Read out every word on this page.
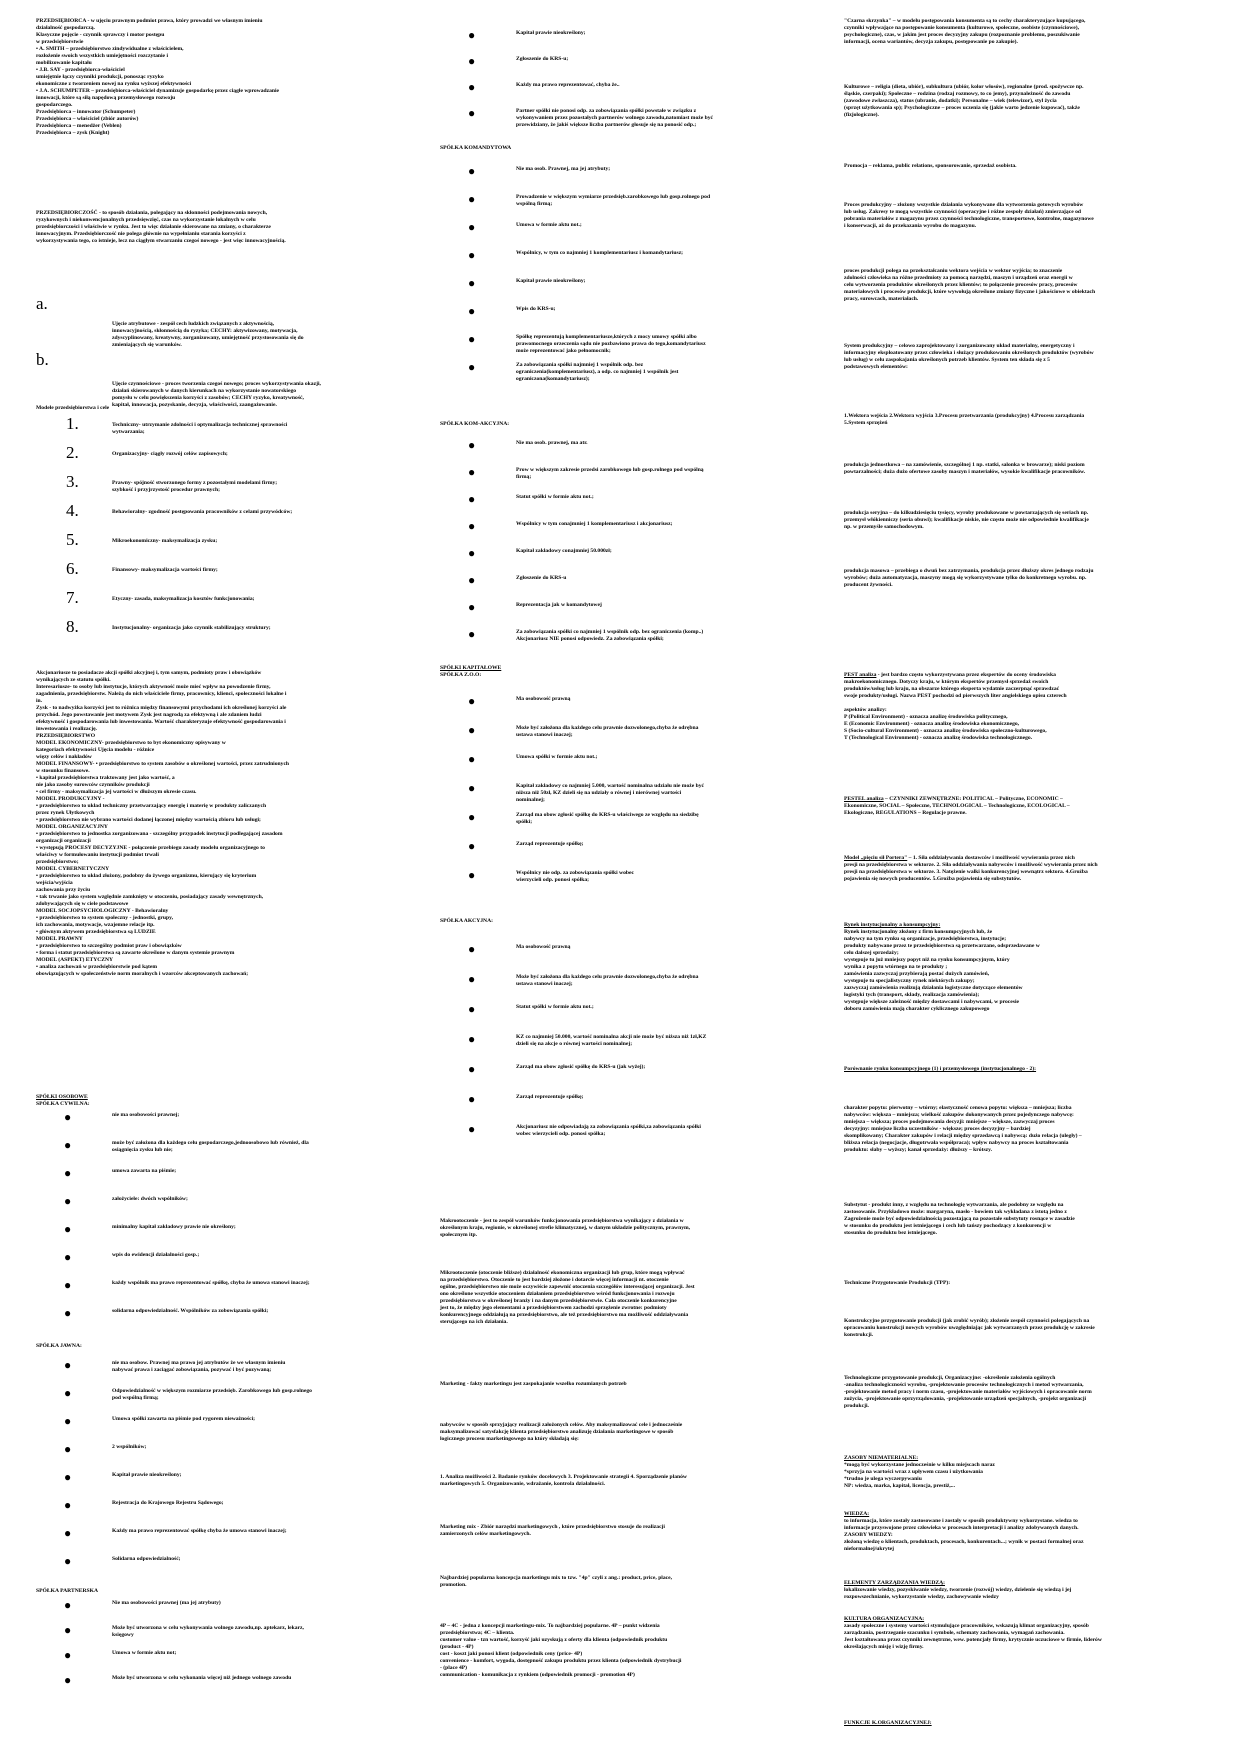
PRZEDSIĘBIORCA - w ujęciu prawnym podmiot prawa, który prowadzi we własnym imieniu
działalność gospodarczą.
Klasyczne pojęcie - czynnik sprawczy i motor postępu
w przedsiębiorstwie
• A. SMITH – przedsiębiorstwo zindywidualne z właścicielem,
rozłożenie swoich wszystkich umiejętności rozczytanie i
mobilizowanie kapitału
• J.B. SAY - przedsiębiorca-właściciel
umiejętnie łączy czynniki produkcji, ponosząc ryzyko
ekonomiczne z tworzeniem nowej na rynku wyższej efektywności
• J.A. SCHUMPETER – przedsiębiorca-właściciel dynamizuje gospodarkę przez ciągłe wprowadzanie
innowacji, które są siłą napędową przemysłowego rozwoju
gospodarczego.
Przedsiębiorca – innowator (Schumpeter)
Przedsiębiorca – właściciel (zbiór autorów)
Przedsiębiorca – menedżer (Veblen)
Przedsiębiorca – zysk (Knight)
PRZEDSIĘBIORCZOŚĆ - to sposób działania, polegający na skłonności podejmowania nowych,
ryzykownych i niekonwencjonalnych przedsięwzięć, czas na wykorzystanie lokalnych w celu
przedsiębiorczości i właściwie w rynku. Jest to więc działanie skierowane na zmiany, o charakterze
innowacyjnym. Przedsiębiorczość nie polega głównie na wypełnianiu starania korzyści z
wykorzystywania tego, co istnieje, lecz na ciągłym stwarzaniu czegoś nowego - jest więc innowacyjnością.

a.

Ujęcie atrybutowe - zespół cech ludzkich związanych z aktywnością,
innowacyjnością, skłonnością do ryzyka; CECHY: aktywizowany, motywacja,
zdyscyplinowany, kreatywny, zorganizowany, umiejętność przystosowania się do
zmieniających się warunków.

b.

Ujęcie czynnościowe - proces tworzenia czegoś nowego; proces wykorzystywania okazji,
działań skierowanych w danych kierunkach na wykorzystanie nowatorskiego
pomysłu w celu powiększenia korzyści z zasobów; CECHY ryzyko, kreatywność,
kapitał, innowacja, pozyskanie, decyzja, właściwości, zaangażowanie.

Modele przedsiębiorstwa i cele
1.	Techniczny- utrzymanie zdolności i optymalizacja technicznej sprawności
wytwarzania;
2.	Organizacyjny- ciągły rozwój celów zapisowych;
3.	Prawny- spójność stworzonego formy z pozostałymi modelami firmy;
szybkość i przyjrzystość procedur prawnych;
4.	Behawioralny- zgodność postępowania pracowników z celami przywódców;
5.	Mikroekonomiczny- maksymalizacja zysku;
6.	Finansowy- maksymalizacja wartości firmy;
7.	Etyczny- zasada, maksymalizacja kosztów funkcjonowania;
8.	Instytucjonalny- organizacja jako czynnik stabilizujący struktury;
Akcjonariusze to posiadacze akcji spółki akcyjnej i, tym samym, podmioty praw i obowiązków
wynikających ze statutu spółki.
Interesariusze- to osoby lub instytucje, których aktywność może mieć wpływ na powodzenie firmy,
zagadnienia, przedsiębiorstw. Należą do nich właściciele firmy, pracownicy, klienci, społeczności lokalne i
in.
Zysk - to nadwyżka korzyści jest to różnica między finansowymi przychodami ich określonej korzyści ale
przychód. Jego powstawanie jest motywem Zysk jest nagrodą za efektywną i ale zdaniem ludzi
efektywność i gospodarowania lub inwestowania. Wartość charakteryzuje efektywność gospodarowania i
inwestowania i realizację.
PRZEDSIĘBIORSTWO
MODEL EKONOMICZNY- przedsiębiorstwo to byt ekonomiczny opisywany w
kategoriach efektywności Ujęcia modelu - różnice
więzy celów i nakładów
MODEL FINANSOWY- • przedsiębiorstwo to system zasobów o określonej wartości, przez zatrudnionych
w stosunku finansowe.
• kapitał przedsiębiorstwa traktowany jest jako wartość, a
nie jako zasoby surowców czynników produkcji
• cel firmy - maksymalizacja jej wartości w dłuższym okresie czasu.
MODEL PRODUKCYJNY -
• przedsiębiorstwo to układ techniczny przetwarzający energię i materię w produkty zaliczanych
przez rynek Ułytkowych
• przedsiębiorstwo nie wybrano wartości dodanej łączonej między wartością zbioru lub usługi;
MODEL ORGANIZACYJNY
• przedsiębiorstwo to jednostka zorganizowana - szczególny przypadek instytucji podlegającej zasadom
organizacji organizacji
• występują PROCESY DECYZYJNE - połączenie przebiegu zasady modelu organizacyjnego to
właściwy w formułowaniu instytucji podmiot trwali
przedsiębiorstwo;
MODEL CYBERNETYCZNY
• przedsiębiorstwo to układ złożony, podobny do żywego organizmu, kierujący się kryterium
wejścia/wyjścia
zachowania przy życiu
• tak trwanie jako system względnie zamknięty w otoczeniu, posiadający zasady wewnętrznych,
zdobywających się w ciele podstawowe
MODEL SOCJOPSYCHOLOGICZNY - Behawioralny
• przedsiębiorstwo to system społeczny - jednostki, grupy,
ich zachowania, motywacje, wzajemne relacje itp.
• głównym aktywem przedsiębiorstwa są LUDZIE
MODEL PRAWNY
• przedsiębiorstwo to szczególny podmiot praw i obowiązków
• forma i statut przedsiębiorstwa są zawarte określone w danym systemie prawnym
MODEL (ASPEKT) ETYCZNY
• analiza zachowań w przedsiębiorstwie pod kątem
obowiązujących w społeczeństwie norm moralnych i wzorców akceptowanych zachowań;
SPÓŁKI OSOBOWE
SPÓŁKA CYWILNA:
●	nie ma osobowości prawnej;
●	może być założona dla każdego celu gospodarczego,jednoosobowo lub również, dla
osiągnięcia zysku lub nie;
●	umowa zawarta na piśmie;
●	założyciele: dwóch wspólników;
●	minimalny kapitał zakładowy prawie nie określony;
●	wpis do ewidencji działalności gosp.;
●	każdy wspólnik ma prawo reprezentować spółkę, chyba że umowa stanowi inaczej;
●	solidarna odpowiedzialność. Wspólników za zobowiązania spółki;
SPÓŁKA JAWNA:
●	nie ma osobow. Prawnej ma prawo jej atrybutów że we własnym imieniu
nabywać prawa i zaciągać zobowiązania, pozywać i być pozywaną;
●	Odpowiedzialność w większym rozmiarze przedsięb. Zarobkowego lub gosp.rolnego
pod wspólną firmą;
●	Umowa spółki zawarta na piśmie pod rygorem nieważności;
●	2 wspólników;
●	Kapitał prawie nieokreślony;
●	Rejestracja do Krajowego Rejestru Sądowego;
●	Każdy ma prawo reprezentować spółkę chyba że umowa stanowi inaczej;
●	Solidarna odpowiedzialność;
SPÓŁKA PARTNERSKA
●	Nie ma osobowości prawnej (ma jej atrybuty)
●	Może być utworzona w celu wykonywania wolnego zawodu,np. aptekarz, lekarz,
księgowy
●	Umowa w formie aktu not;
●	Może być utworzona w celu wykonania więcej niż jednego wolnego zawodu
●	Kapitał prawie nieokreślony;
●	Zgłoszenie do KRS-u;
●	Każdy ma prawo reprezentować, chyba że..
●	Partner spółki nie ponosi odp. za zobowiązania spółki powstałe w związku z
wykonywaniem przez pozostałych partnerów wolnego zawodu,natomiast może być
przewidziany, że jakiś większe liczba partnerów głosuje się na ponosić odp.;
SPÓŁKA KOMANDYTOWA
●	Nie ma osob. Prawnej, ma jej atrybuty;
●	Prowadzenie w większym wymiarze przedsięb.zarobkowego lub gosp.rolnego pod
wspólną firmą;
●	Umowa w formie aktu not.;
●	Wspólnicy, w tym co najmniej 1 komplementariusz i komandytariusz;
●	Kapitał prawie nieokreślony;
●	Wpis do KRS-u;
●	Spółkę reprezentują komplementariusze,których z mocy umowy spółki albo
prawomocnego orzeczenia sądu nie pozbawiono prawa do tego,komandytariusz
może reprezentować jako pełnomocnik;
●	Za zobowiązania spółki najmniej 1 wspólnik odp. bez
ograniczenia(komplementariusz), a odp. co najmniej 1 wspólnik jest
ograniczona(komandytariusz);
SPÓŁKA KOM-AKCYJNA:
●	Nie ma osob. prawnej, ma atr.
●	Prow w większym zakresie przedsi zarobkowego lub gosp.rolnego pod wspólną
firmą;
●	Statut spółki w formie aktu not.;
●	Wspólnicy w tym conajmniej 1 komplementariusz i akcjonariusz;
●	Kapitał zakładowy conajmniej 50.000zł;
●	Zgłoszenie do KRS-u
●	Reprezentacja jak w komandytowej
●	Za zobowiązania spółki co najmniej 1 wspólnik odp. bez ograniczenia (komp..)
Akcjonariusz NIE ponosi odpowiedz. Za zobowiązania spółki;
SPÓŁKI KAPITAŁOWE
SPÓŁKA Z.O.O:
●	Ma osobowość prawną
●	Może być założona dla każdego celu prawnie dozwolonego,chyba że odrębna
ustawa stanowi inaczej;
●	Umowa spółki w formie aktu not.;
●	Kapitał zakładowy co najmniej 5.000, wartość nominalna udziału nie może być
niższa niż 50zł, KZ dzieli się na udziały o równej i nierównej wartości
nominalnej;
●	Zarząd ma obow zgłosić spółkę do KRS-u właściwego ze względu na siedzibę
spółki;
●	Zarząd reprezentuje spółkę;
●	Wspólnicy nie odp. za zobowiązania spółki wobec
wierzycieli odp. ponosi spółka;
SPÓŁKA AKCYJNA:
●	Ma osobowość prawną
●	Może być założona dla każdego celu prawnie dozwolonego,chyba że odrębna
ustawa stanowi inaczej;
●	Statut spółki w formie aktu not.;
●	KZ co najmniej 50.000, wartość nominalna akcji nie może być niższa niż 1zł,KZ
dzieli się na akcje o równej wartości nominalnej;
●	Zarząd ma obow zgłosić spółkę do KRS-u (jak wyżej);
●	Zarząd reprezentuje spółkę;
●	Akcjonariusz nie odpowiadają za zobowiązania spółki,za zobowiązania spółki
wobec wierzycieli odp. ponosi spółka;
Makrootoczenie - jest to zespół warunków funkcjonowania przedsiębiorstwa wynikający z działania w
określonym kraju, regionie, w określonej strefie klimatycznej, w danym układzie politycznym, prawnym,
społecznym itp.
Mikrootoczenie (otoczenie bliższe) działalność ekonomiczna organizacji lub grup, które mogą wpływać
na przedsiębiorstwo. Otoczenie to jest bardziej złożone i dotarcie więcej informacji nt. otoczenie
ogólne, przedsiębiorstwo nie może oczywiście zapewnić otoczenia szczegółów interesującej organizacji. Jest
ono określone wszystkie otoczeniem działaniem przedsiębiorstwo wśród funkcjonowania i rozwoju
przedsiębiorstwa w określonej branży i na danym przedsiębiorstwie. Cała otoczenie konkurencyjne
jest to, że między jego elementami a przedsiębiorstwem zachodzi sprzężenie zwrotne: podmioty
konkurencyjnego oddziałują na przedsiębiorstwo, ale też przedsiębiorstwo ma możliwość oddziaływania
sterującego na ich działania.
Marketing - fakty marketingu jest zaspokajanie wszelko rozumianych potrzeb
nabywców w sposób sprzyjający realizacji założonych celów. Aby maksymalizować cele i jednocześnie
maksymalizować satysfakcję klienta przedsiębiorstwo analizuję działania marketingowe w sposób
logicznego procesu marketingowego na który składają się:
1. Analiza możliwości 2. Badanie rynków docelowych 3. Projektowanie strategii 4. Sporządzenie planów
marketingowych 5. Organizowanie, wdrażanie, kontrola działalności.
Marketing mix - Zbiór narzędzi marketingowych , które przedsiębiorstwo stosuje do realizacji
zamierzonych celów marketingowych.
Najbardziej popularna koncepcja marketingu mix to tzw. "4p" czyli z ang.: product, price, place,
promotion.
4P – 4C - jedna z koncepcji marketingu-mix. To najbardziej popularne. 4P – punkt widzenia
przedsiębiorstwa; 4C – klienta.
customer value - tzn wartość, korzyść jaki uzyskują z oferty dla klienta (odpowiednik produktu
(product - 4P)
cost - koszt jaki ponosi klient (odpowiednik ceny (price- 4P)
convenience - komfort, wygoda, dostępność zakupu produktu przez klienta (odpowiednik dystrybucji
- (place 4P)
communication - komunikacja z rynkiem (odpowiednik promocji - promotion 4P)
"Czarna skrzynka" – w modelu postępowania konsumenta są to cechy charakteryzujące kupującego,
czynniki wpływające na postępowanie konsumenta (kulturowe, społeczne, osobiste (czynnościowe),
psychologiczne), czas, w jakim jest proces decyzyjny zakupu (rozpoznanie problemu, poszukiwanie
informacji, ocena wariantów, decyzja zakupu, postępowanie po zakupie).
Kulturowe – religia (dieta, ubiór), subkultura (ubiór, kolor włosów), regionalne (prod. spożywcze np.
śląskie, czerpaki); Społeczne – rodzina (rodzaj rozmowy, to co jemy), przynależność do zawodu
(zawodowe zwłaszcza), status (ubranie, dodatki); Personalne – wiek (telewizor), styl życia
(sprzęt użytkowania sp); Psychologiczne – proces uczenia się (jakie warto jedzenie kupować), także
(fizjologiczne).
Promocja – reklama, public relations, sponsorowanie, sprzedaż osobista.
Proces produkcyjny – złożony wszystkie działania wykonywane dla wytworzenia gotowych wyrobów
lub usług. Zakresy te mogą wszystkie czynności (operacyjne i różne zespoły działań) zmierzające od
pobrania materiałów z magazynu przez czynności technologiczne, transportowe, kontrolne, magazynowe
i konserwacji, aż do przekazania wyrobu do magazynu.
proces produkcji polega na przekształcaniu wektora wejścia w wektor wyjścia; to znaczenie
zdolności człowieka na różne przedmioty za pomocą narzędzi, maszyn i urządzeń oraz energii w
celu wytworzenia produktów określonych przez klientów; to połączenie procesów pracy, procesów
materiałowych i procesów produkcji, które wywołują określone zmiany fizyczne i jakościowe w obiektach
pracy, surowcach, materiałach.
System produkcyjny – celowo zaprojektowany i zorganizowany układ materialny, energetyczny i
informacyjny eksploatowany przez człowieka i służący produkowaniu określonych produktów (wyrobów
lub usług) w celu zaspokajania określonych potrzeb klientów. System ten składa się z 5
podstawowych elementów:
1.Wektora wejścia 2.Wektora wyjścia 3.Procesu przetwarzania (produkcyjny) 4.Procesu zarządzania
5.System sprzężeń
produkcja jednostkowa – na zamówienie, szczególnej 1 np. statki, salonka w browarze); niski poziom
powtarzalności; duża dużo ofertowe zasoby maszyn i materiałów, wysokie kwalifikacje pracowników.
produkcja seryjna – do kilkudziesięciu tysięcy, wyroby produkowane w powtarzających się seriach np.
przemysł włókienniczy (seria obuwi); kwalifikacje niskie, nie często może nie odpowiednie kwalifikacje
np. w przemyśle samochodowym.
produkcja masowa – przebiega o dwuń bez zatrzymania, produkcja przez dłuższy okres jednego rodzaju
wyrobów; duża automatyzacja, maszyny mogą się wykorzystywane tylko do konkretnego wyrobu. np.
producent żywności.
PEST analiza - jest bardzo często wykorzystywana przez ekspertów do oceny środowiska
makroekonomicznego. Dotyczy kraju, w którym ekspertów przemysł sprzedaż swoich
produktów/usług lub kraju, na obszarze którego eksperta wydatnie zaczerpnąć sprawdzać
swoje produkty/usługi. Nazwa PEST pochodzi od pierwszych liter angielskiego opisu czterech

aspektów analizy:
P (Political Environment) - oznacza analizę środowiska politycznego,
E (Economic Environment) - oznacza analizę środowiska ekonomicznego,
S (Socio-cultural Environment) - oznacza analizę środowiska społeczno-kulturowego,
T (Technological Environment) - oznacza analizę środowiska technologicznego.
PESTEL analiza – CZYNNIKI ZEWNĘTRZNE: POLITICAL – Polityczne, ECONOMIC –
Ekonomiczne, SOCIAL – Społeczne, TECHNOLOGICAL – Technologiczne, ECOLOGICAL –
Ekologiczne, REGULATIONS – Regulacje prawne.
Model „pięciu sił Portera" – 1. Siła oddziaływania dostawców i możliwość wywierania przez nich
presji na przedsiębiorstwa w sektorze. 2. Siła oddziaływania nabywców i możliwość wywierania przez nich
presji na przedsiębiorstwa w sektorze. 3. Natężenie walki konkurencyjnej wewnątrz sektora. 4.Groźba
pojawienia się nowych producentów. 5.Groźba pojawienia się substytutów.
Rynek instytucjonalny a konsumpcyjny:
Rynek instytucjonalny złożony z firm konsumpcyjnych lub, że
nabywcy na tym rynku są organizacje, przedsiębiorstwa, instytucje;
produkty nabywane przez te przedsiębiorstwa są przetwarzane, odsprzedawane w
celu dalszej sprzedaży;
występuje tu już mniejszy popyt niż na rynku konsumpcyjnym, który
wynika z popytu wtórnego na te produkty ;
zamówienia zazwyczaj przybierają postać dużych zamówień,
występuje tu specjalistyczny rynek niektórych zakupy;
zazwyczaj zamówienia realizują działania logistyczne dotyczące elementów
logistyki tych (transport, składy, realizacja zamówienia);
występuje większe zależność między dostawcami i nabywcami, w procesie
doboru zamówienia mają charakter cyklicznego zakupowego
Porównanie rynku konsumpcyjnego (1) i przemysłowego (instytucjonalnego - 2):
charakter popytu: pierwotny – wtórny; elastyczność cenowa popytu: większa – mniejsza; liczba
nabywców: większa – mniejsza; wielkość zakupów dokonywanych przez pojedynczego nabywcę:
mniejsza – większa; proces podejmowania decyzji: mniejsze – większe, zazwyczaj proces
decyzyjny: mniejsze liczba uczestników - większe; proces decyzyjny – bardziej
skomplikowany; Charakter zakupów i relacji między sprzedawcą i nabywcą: dużo relacja (uległy) –
bliższa relacja (negocjacje, długotrwała współpraca); wpływ nabywcy na proces kształtowania
produktu: słaby – wyższy; kanał sprzedaży: dłuższy – krótszy.
Substytut - produkt inny, z względu na technologię wytwarzania, ale podobny ze względu na
zastosowanie. Przykładowo może: margaryna, masło - bowiem tak wykładana z istotą jedno z
Zagrożenie może być odpowiedzialnością pozostającą na pozostałe substytuty rosnące w zasadzie
w stosunku do produktu jest istniejącego i cech lub tańszy pochodzący z konkurencji w
stosunku do produktu bez istniejącego.
Techniczne Przygotowanie Produkcji (TPP):
Konstrukcyjne przygotowanie produkcji (jak zrobić wyrób); złożenie zespół czynności polegających na
opracowaniu konstrukcji nowych wyrobów uwzględniając jak wytwarzanych przez produkcję w zakresie
konstrukcji.
Technologiczne przygotowanie produkcji, Organizacyjne: -określenie założenia ogólnych
-analiza technologiczności wyrobu, -projektowanie procesów technologicznych i metod wytwarzania,
-projektowanie metod pracy i norm czasu, -projektowanie materiałów wyjściowych i opracowanie norm
zużycia, -projektowanie oprzyrządowania, -projektowanie urządzeń specjalnych, -projekt organizacji
produkcji.
ZASOBY NIEMATERIALNE:
*mogą być wykorzystane jednocześnie w kilku miejscach naraz
*sprzyja na wartości wraz z upływem czasu i użytkowania
*trudno je ulega wyczerpywaniu
NP: wiedza, marka, kapitał, licencja, prestiż,...
WIEDZA:
to informacja, które zostały zastosowane i zostały w sposób produktywny wykorzystane. wiedza to
informacje przyswojone przez człowieka w procesach interpretacji i analizy zdobywanych danych.
ZASOBY WIEDZY:
złożoną wiedzę o klientach, produktach, procesach, konkurentach...; wynik w postaci formalnej oraz
nieformalnej/ukrytej
ELEMENTY ZARZĄDZANIA WIEDZĄ:
lokalizowanie wiedzy, pozyskiwanie wiedzy, tworzenie (rozwój) wiedzy, dzielenie się wiedzą i jej
rozpowszechnianie, wykorzystanie wiedzy, zachowywanie wiedzy
KULTURA ORGANIZACYJNA:
zasady społeczne i systemy wartości stymulujące pracowników, wskazują klimat organizacyjny, sposób
zarządzania, postrzeganie szacunku i symbole, schematy zachowania, wymagań zachowania.
Jest kształtowana przez czynniki zewnętrzne, wew. potencjały firmy, krytycznie uczuciowe w firmie, liderów
określających misję i wizję firmy.
FUNKCJE K.ORGANIZACYJNEJ:
